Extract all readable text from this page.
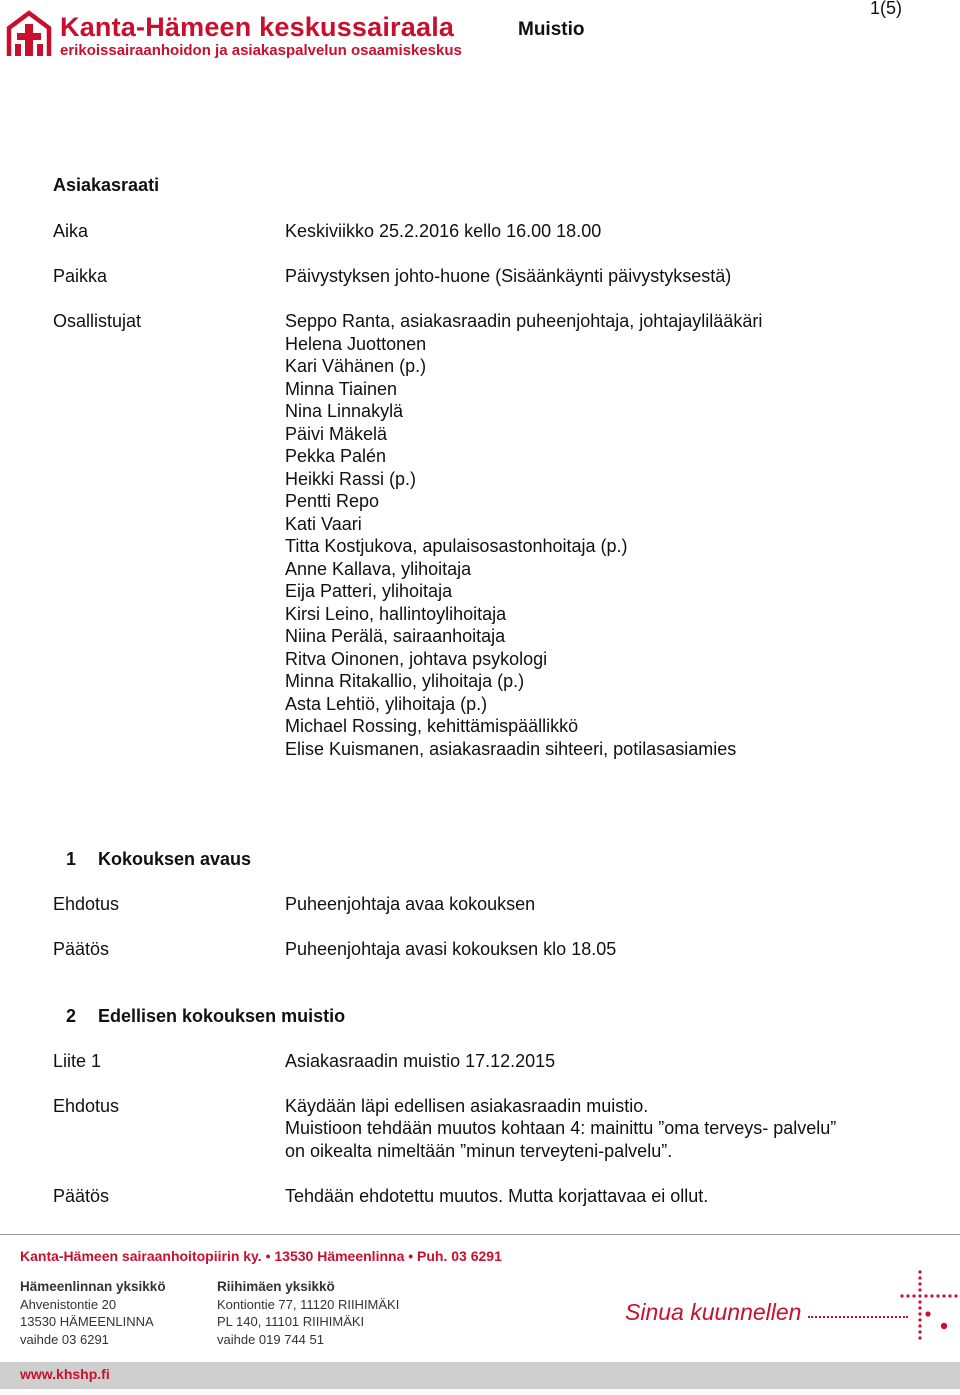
Kanta-Hämeen keskussairaala
erikoissairaanhoidon ja asiakaspalvelun osaamiskeskus
Muistio
1(5)
Asiakasraati
Aika	Keskiviikko 25.2.2016 kello 16.00 18.00
Paikka	Päivystyksen johto-huone (Sisäänkäynti päivystyksestä)
Osallistujat	Seppo Ranta, asiakasraadin puheenjohtaja, johtajaylilääkäri
Helena Juottonen
Kari Vähänen (p.)
Minna Tiainen
Nina Linnakylä
Päivi Mäkelä
Pekka Palén
Heikki Rassi (p.)
Pentti Repo
Kati Vaari
Titta Kostjukova, apulaisosastonhoitaja (p.)
Anne Kallava, ylihoitaja
Eija Patteri, ylihoitaja
Kirsi Leino, hallintoylihoitaja
Niina Perälä, sairaanhoitaja
Ritva Oinonen, johtava psykologi
Minna Ritakallio, ylihoitaja (p.)
Asta Lehtiö, ylihoitaja (p.)
Michael Rossing, kehittämispäällikkö
Elise Kuismanen, asiakasraadin sihteeri, potilasasiamies
1 Kokouksen avaus
Ehdotus	Puheenjohtaja avaa kokouksen
Päätös	Puheenjohtaja avasi kokouksen klo 18.05
2 Edellisen kokouksen muistio
Liite 1	Asiakasraadin muistio 17.12.2015
Ehdotus	Käydään läpi edellisen asiakasraadin muistio.
Muistioon tehdään muutos kohtaan 4: mainittu ”oma terveys- palvelu”
on oikealta nimeltään ”minun terveyteni-palvelu”.
Päätös	Tehdään ehdotettu muutos. Mutta korjattavaa ei ollut.
Kanta-Hämeen sairaanhoitopiirin ky. • 13530 Hämeenlinna • Puh. 03 6291
Hämeenlinnan yksikkö
Ahvenistontie 20
13530 HÄMEENLINNA
vaihde 03 6291
Riihimäen yksikkö
Kontiontie 77, 11120 RIIHIMÄKI
PL 140, 11101 RIIHIMÄKI
vaihde 019 744 51
Sinua kuunnellen
www.khshp.fi
